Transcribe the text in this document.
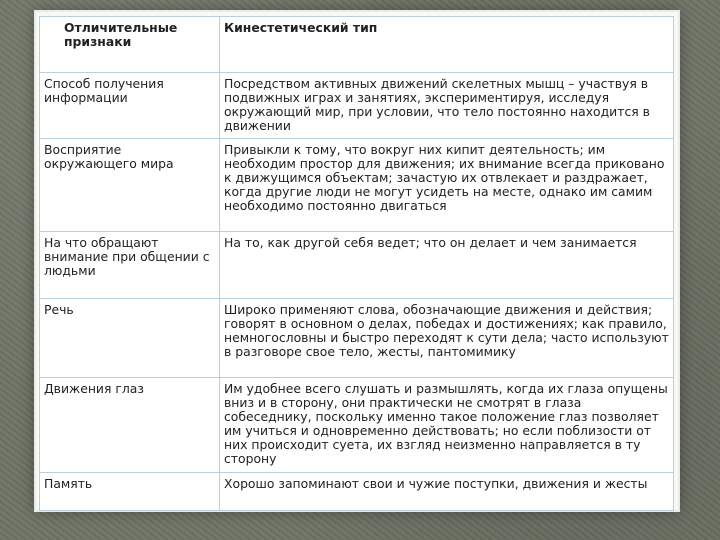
Отличительные признаки	Кинестетический тип
Способ получения информации	Посредством активных движений скелетных мышц – участвуя в подвижных играх и занятиях, экспериментируя, исследуя окружающий мир, при условии, что тело постоянно находится в движении
Восприятие окружающего мира	Привыкли к тому, что вокруг них кипит деятельность; им необходим простор для движения; их внимание всегда приковано к движущимся объектам; зачастую их отвлекает и раздражает, когда другие люди не могут усидеть на месте, однако им самим необходимо постоянно двигаться
На что обращают внимание при общении с людьми	На то, как другой себя ведет; что он делает и чем занимается
Речь	Широко применяют слова, обозначающие движения и действия; говорят в основном о делах, победах и достижениях; как правило, немногословны и быстро переходят к сути дела; часто используют в разговоре свое тело, жесты, пантомимику
Движения глаз	Им удобнее всего слушать и размышлять, когда их глаза опущены вниз и в сторону, они практически не смотрят в глаза собеседнику, поскольку именно такое положение глаз позволяет им учиться и одновременно действовать; но если поблизости от них происходит суета, их взгляд неизменно направляется в ту сторону
Память	Хорошо запоминают свои и чужие поступки, движения и жесты
